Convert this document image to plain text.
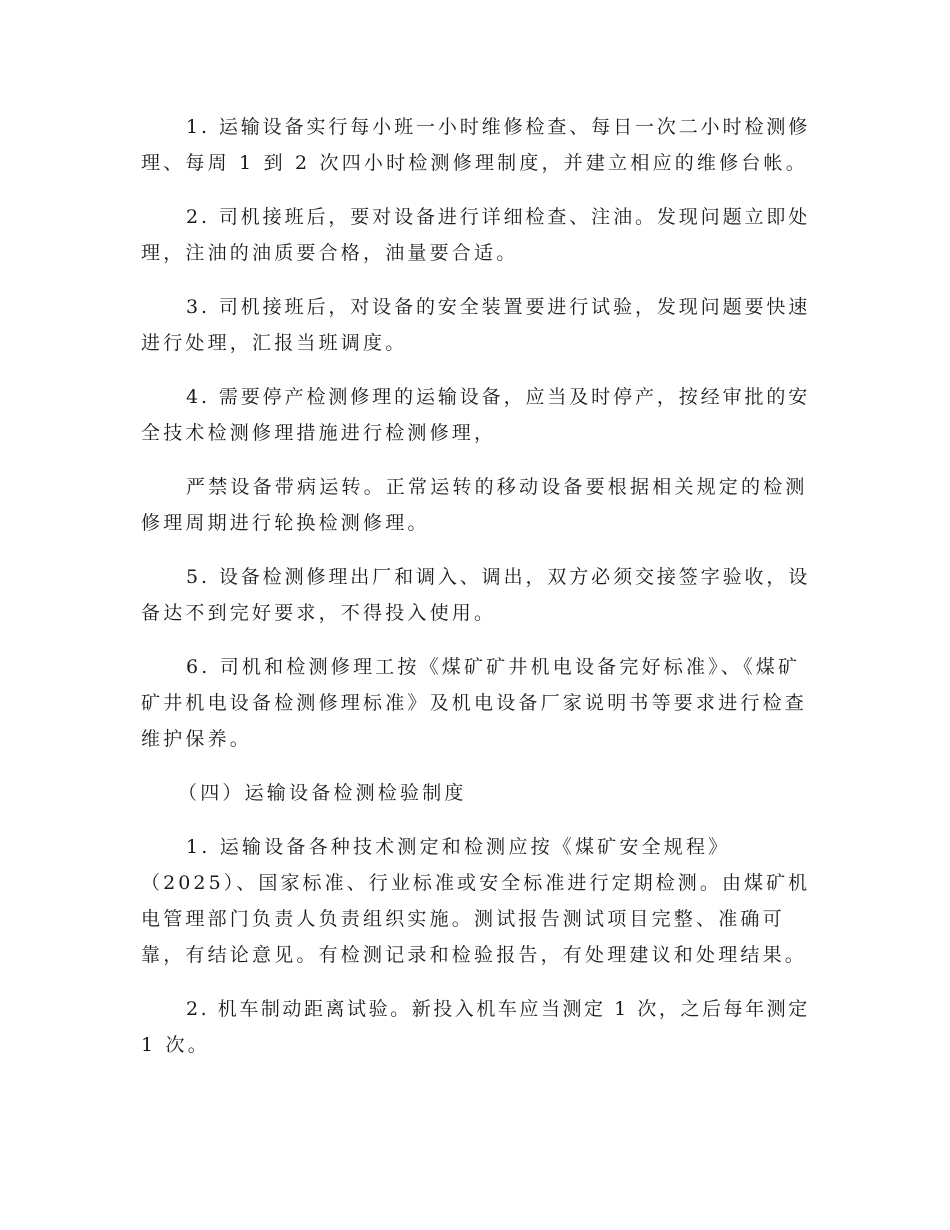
1. 运输设备实行每小班一小时维修检查、每日一次二小时检测修
理、每周 1 到 2 次四小时检测修理制度，并建立相应的维修台帐。
2. 司机接班后，要对设备进行详细检查、注油。发现问题立即处
理，注油的油质要合格，油量要合适。
3. 司机接班后，对设备的安全装置要进行试验，发现问题要快速
进行处理，汇报当班调度。
4. 需要停产检测修理的运输设备，应当及时停产，按经审批的安
全技术检测修理措施进行检测修理，
严禁设备带病运转。正常运转的移动设备要根据相关规定的检测
修理周期进行轮换检测修理。
5. 设备检测修理出厂和调入、调出，双方必须交接签字验收，设
备达不到完好要求，不得投入使用。
6. 司机和检测修理工按《煤矿矿井机电设备完好标准》、《煤矿
矿井机电设备检测修理标准》及机电设备厂家说明书等要求进行检查
维护保养。
（四）运输设备检测检验制度
1. 运输设备各种技术测定和检测应按《煤矿安全规程》
（2025）、国家标准、行业标准或安全标准进行定期检测。由煤矿机
电管理部门负责人负责组织实施。测试报告测试项目完整、准确可
靠，有结论意见。有检测记录和检验报告，有处理建议和处理结果。
2. 机车制动距离试验。新投入机车应当测定 1 次，之后每年测定
1 次。
